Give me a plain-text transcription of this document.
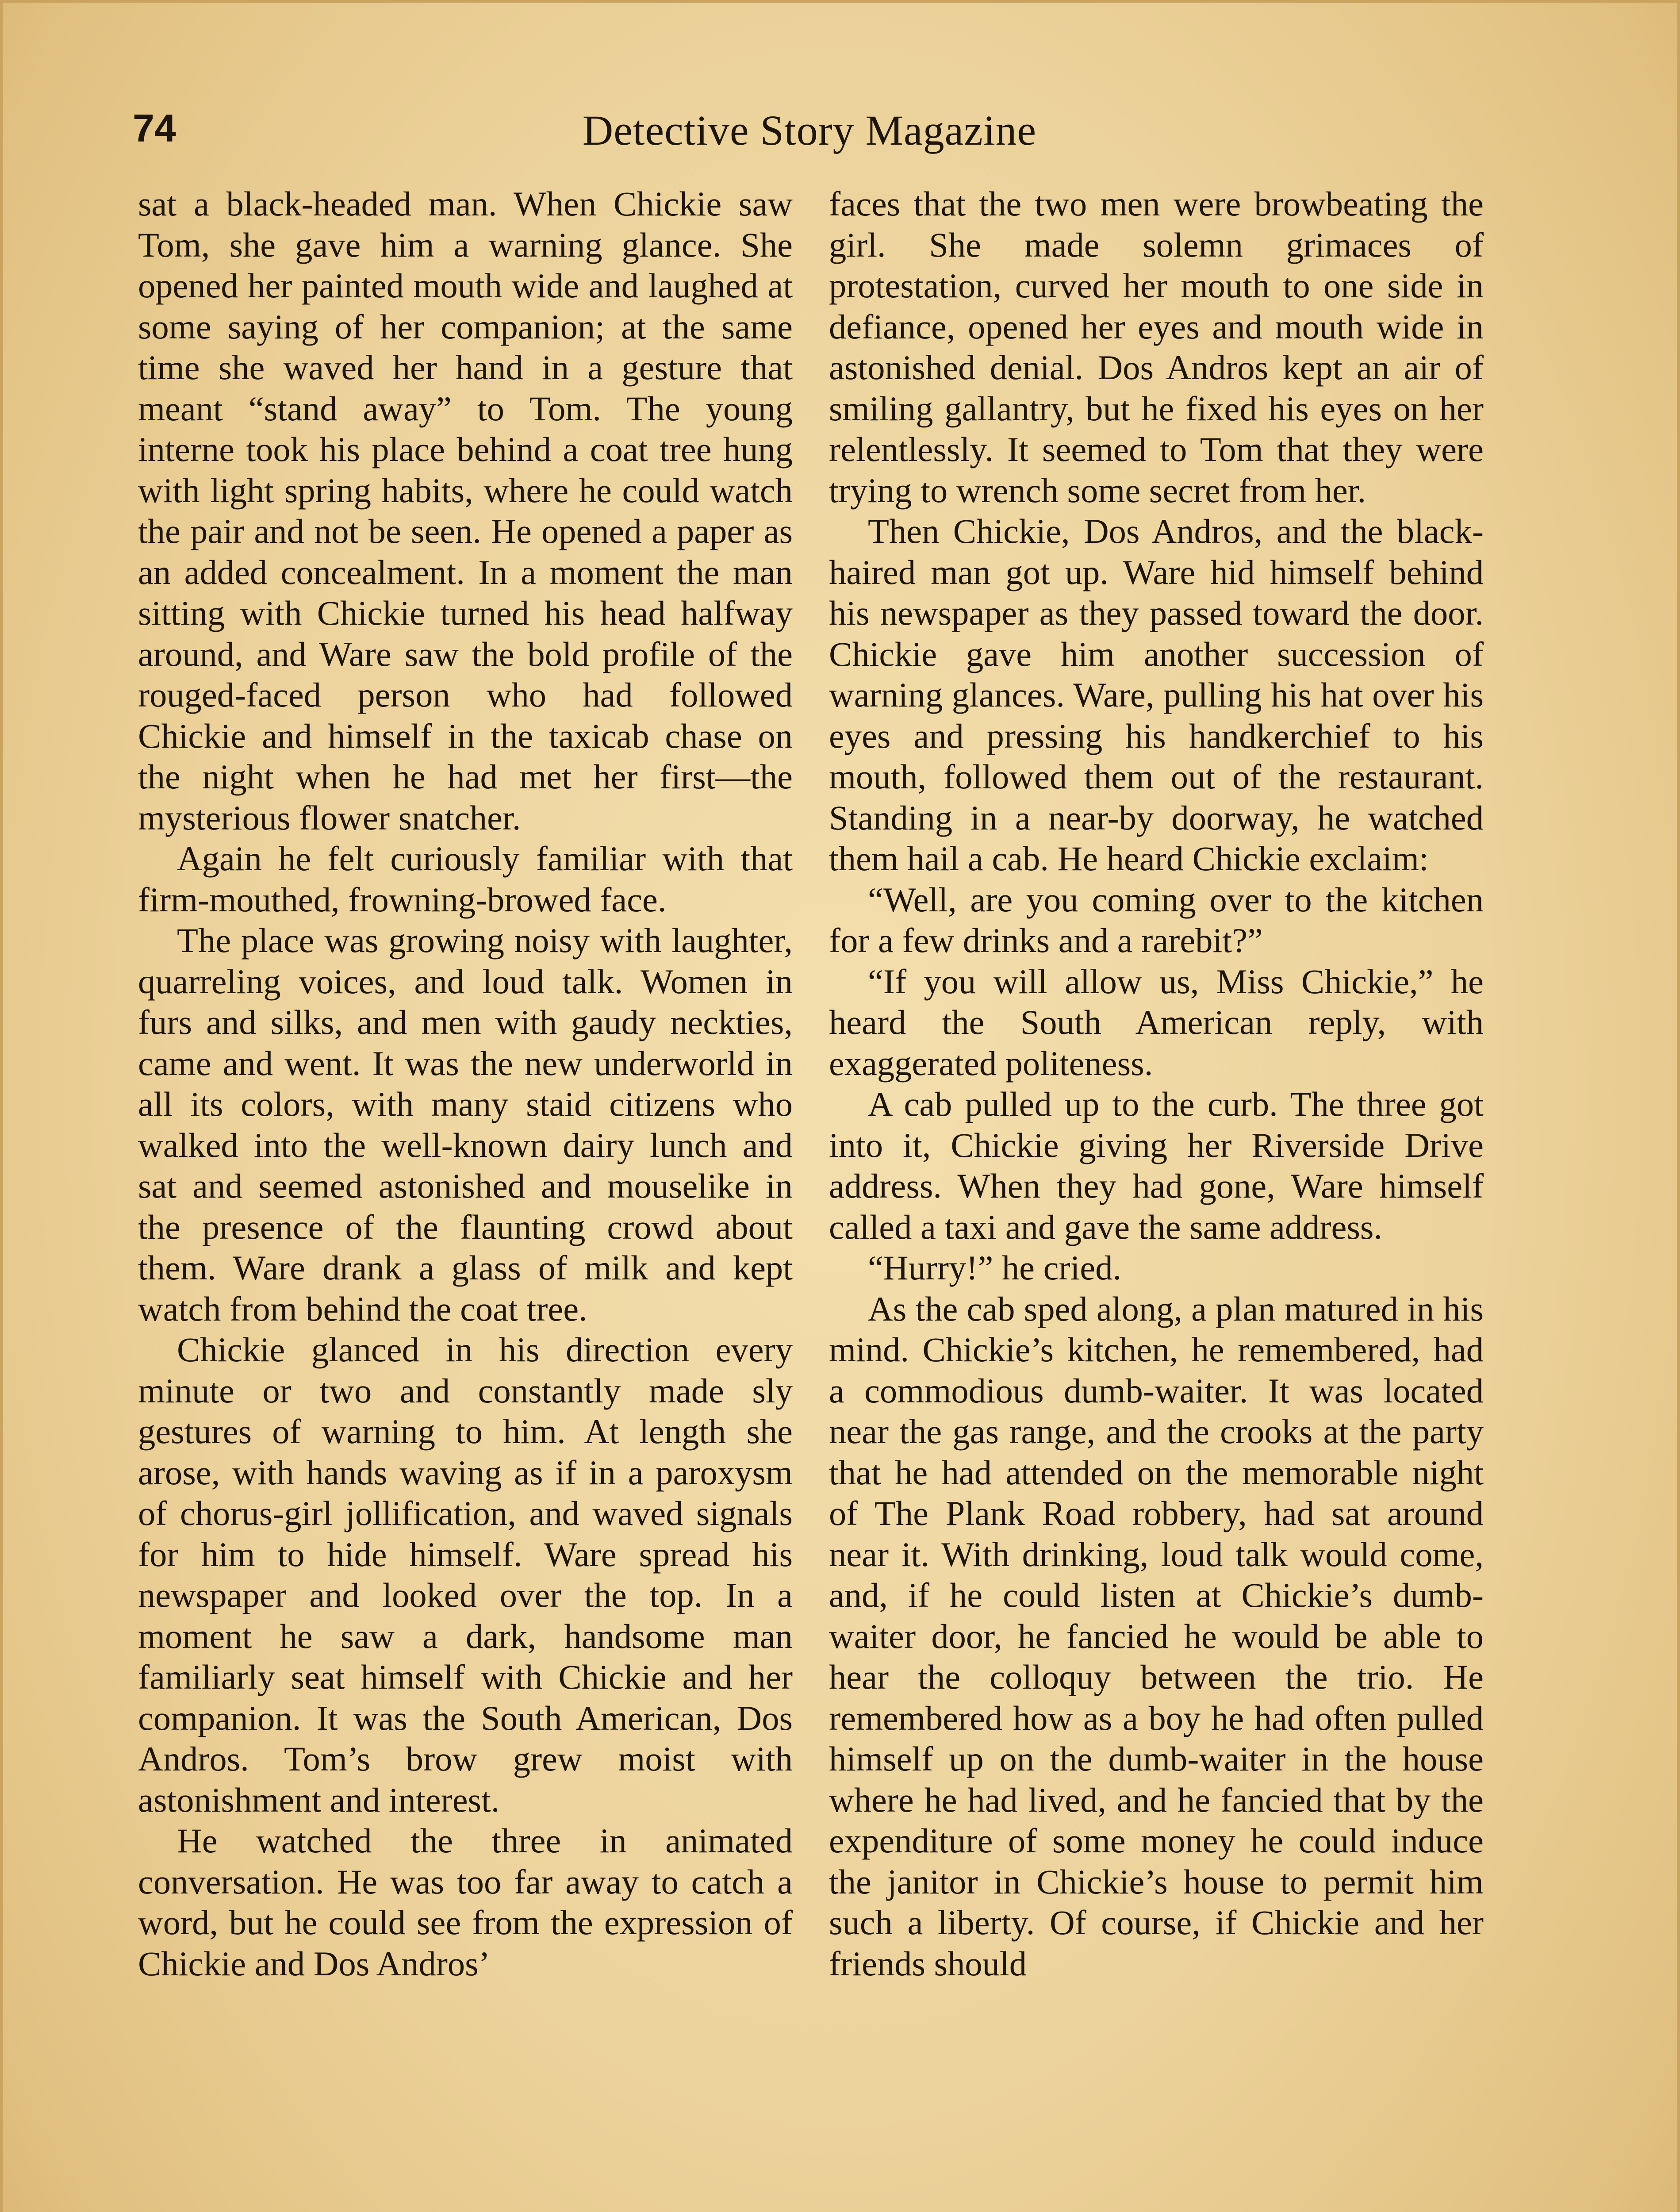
74	Detective Story Magazine

sat a black-headed man. When Chickie saw Tom, she gave him a warning glance. She opened her painted mouth wide and laughed at some saying of her companion; at the same time she waved her hand in a gesture that meant “stand away” to Tom. The young interne took his place behind a coat tree hung with light spring habits, where he could watch the pair and not be seen. He opened a paper as an added concealment. In a moment the man sitting with Chickie turned his head halfway around, and Ware saw the bold profile of the rouged-faced person who had followed Chickie and himself in the taxicab chase on the night when he had met her first—the mysterious flower snatcher.

Again he felt curiously familiar with that firm-mouthed, frowning-browed face.

The place was growing noisy with laughter, quarreling voices, and loud talk. Women in furs and silks, and men with gaudy neckties, came and went. It was the new underworld in all its colors, with many staid citizens who walked into the well-known dairy lunch and sat and seemed astonished and mouselike in the presence of the flaunting crowd about them. Ware drank a glass of milk and kept watch from behind the coat tree.

Chickie glanced in his direction every minute or two and constantly made sly gestures of warning to him. At length she arose, with hands waving as if in a paroxysm of chorus-girl jollification, and waved signals for him to hide himself. Ware spread his newspaper and looked over the top. In a moment he saw a dark, handsome man familiarly seat himself with Chickie and her companion. It was the South American, Dos Andros. Tom’s brow grew moist with astonishment and interest.

He watched the three in animated conversation. He was too far away to catch a word, but he could see from the expression of Chickie and Dos Andros’

faces that the two men were browbeating the girl. She made solemn grimaces of protestation, curved her mouth to one side in defiance, opened her eyes and mouth wide in astonished denial. Dos Andros kept an air of smiling gallantry, but he fixed his eyes on her relentlessly. It seemed to Tom that they were trying to wrench some secret from her.

Then Chickie, Dos Andros, and the black-haired man got up. Ware hid himself behind his newspaper as they passed toward the door. Chickie gave him another succession of warning glances. Ware, pulling his hat over his eyes and pressing his handkerchief to his mouth, followed them out of the restaurant. Standing in a near-by doorway, he watched them hail a cab. He heard Chickie exclaim:

“Well, are you coming over to the kitchen for a few drinks and a rarebit?”

“If you will allow us, Miss Chickie,” he heard the South American reply, with exaggerated politeness.

A cab pulled up to the curb. The three got into it, Chickie giving her Riverside Drive address. When they had gone, Ware himself called a taxi and gave the same address.

“Hurry!” he cried.

As the cab sped along, a plan matured in his mind. Chickie’s kitchen, he remembered, had a commodious dumb-waiter. It was located near the gas range, and the crooks at the party that he had attended on the memorable night of The Plank Road robbery, had sat around near it. With drinking, loud talk would come, and, if he could listen at Chickie’s dumb-waiter door, he fancied he would be able to hear the colloquy between the trio. He remembered how as a boy he had often pulled himself up on the dumb-waiter in the house where he had lived, and he fancied that by the expenditure of some money he could induce the janitor in Chickie’s house to permit him such a liberty. Of course, if Chickie and her friends should
